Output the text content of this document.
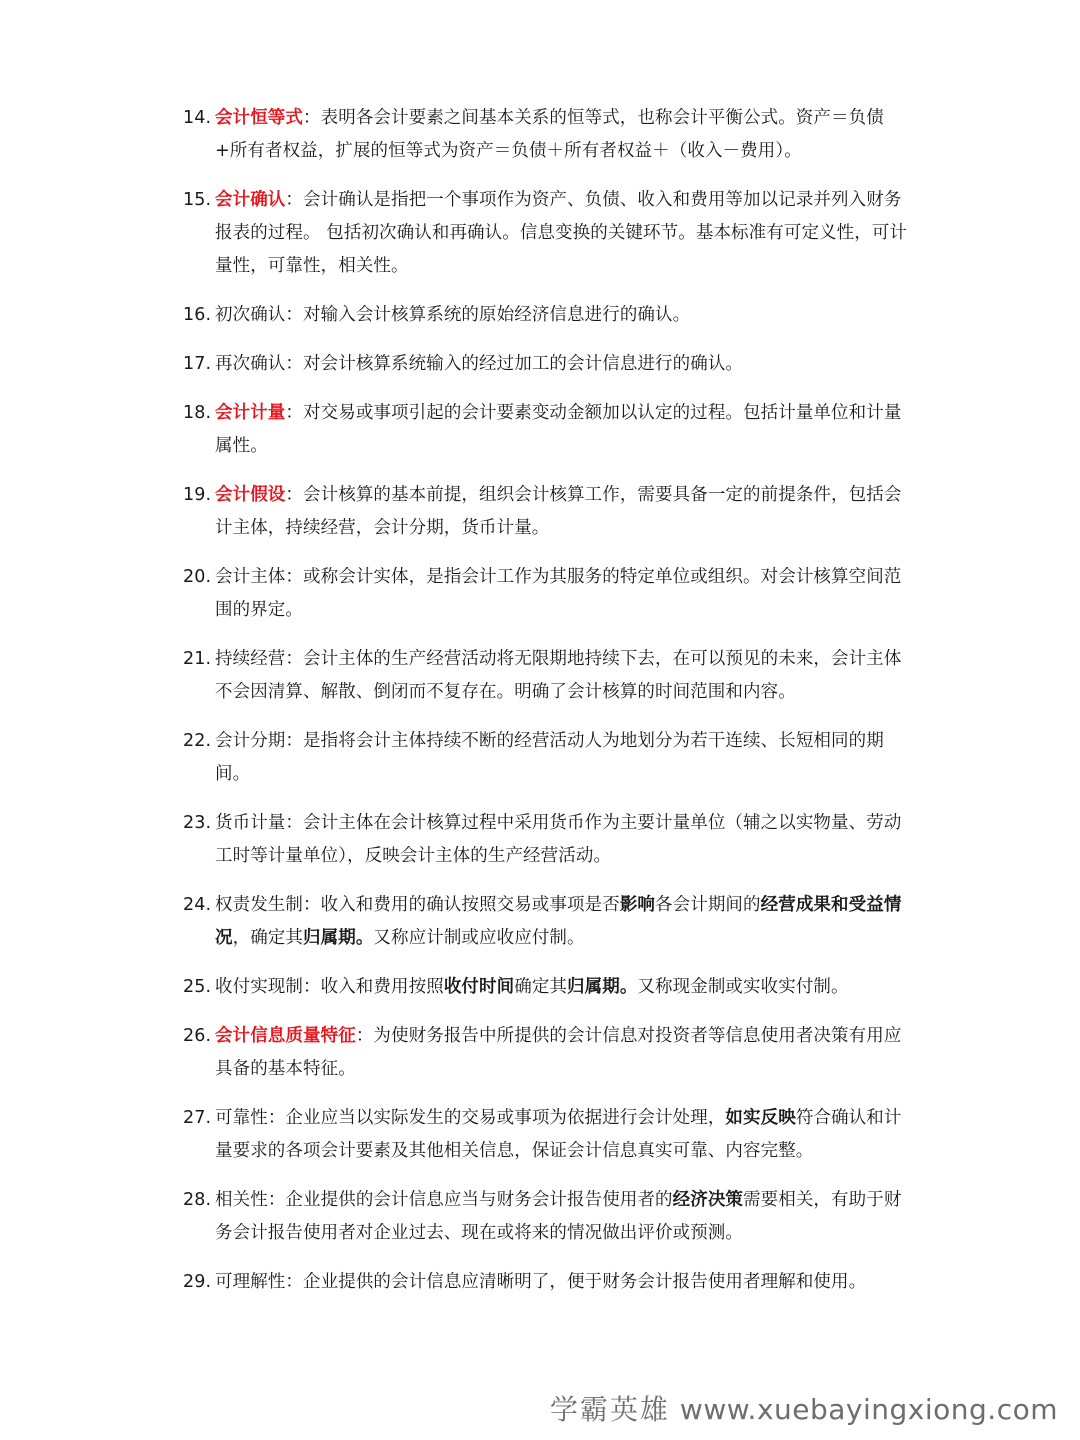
14. 会计恒等式：表明各会计要素之间基本关系的恒等式，也称会计平衡公式。资产＝负债+所有者权益，扩展的恒等式为资产＝负债＋所有者权益＋（收入－费用）。
15. 会计确认：会计确认是指把一个事项作为资产、负债、收入和费用等加以记录并列入财务报表的过程。 包括初次确认和再确认。信息变换的关键环节。基本标准有可定义性，可计量性，可靠性，相关性。
16. 初次确认：对输入会计核算系统的原始经济信息进行的确认。
17. 再次确认：对会计核算系统输入的经过加工的会计信息进行的确认。
18. 会计计量：对交易或事项引起的会计要素变动金额加以认定的过程。包括计量单位和计量属性。
19. 会计假设：会计核算的基本前提，组织会计核算工作，需要具备一定的前提条件，包括会计主体，持续经营，会计分期，货币计量。
20. 会计主体：或称会计实体，是指会计工作为其服务的特定单位或组织。对会计核算空间范围的界定。
21. 持续经营：会计主体的生产经营活动将无限期地持续下去，在可以预见的未来，会计主体不会因清算、解散、倒闭而不复存在。明确了会计核算的时间范围和内容。
22. 会计分期：是指将会计主体持续不断的经营活动人为地划分为若干连续、长短相同的期间。
23. 货币计量：会计主体在会计核算过程中采用货币作为主要计量单位（辅之以实物量、劳动工时等计量单位），反映会计主体的生产经营活动。
24. 权责发生制：收入和费用的确认按照交易或事项是否影响各会计期间的经营成果和受益情况，确定其归属期。又称应计制或应收应付制。
25. 收付实现制：收入和费用按照收付时间确定其归属期。又称现金制或实收实付制。
26. 会计信息质量特征：为使财务报告中所提供的会计信息对投资者等信息使用者决策有用应具备的基本特征。
27. 可靠性：企业应当以实际发生的交易或事项为依据进行会计处理，如实反映符合确认和计量要求的各项会计要素及其他相关信息，保证会计信息真实可靠、内容完整。
28. 相关性：企业提供的会计信息应当与财务会计报告使用者的经济决策需要相关，有助于财务会计报告使用者对企业过去、现在或将来的情况做出评价或预测。
29. 可理解性：企业提供的会计信息应清晰明了，便于财务会计报告使用者理解和使用。
学霸英雄 www.xuebayingxiong.com
